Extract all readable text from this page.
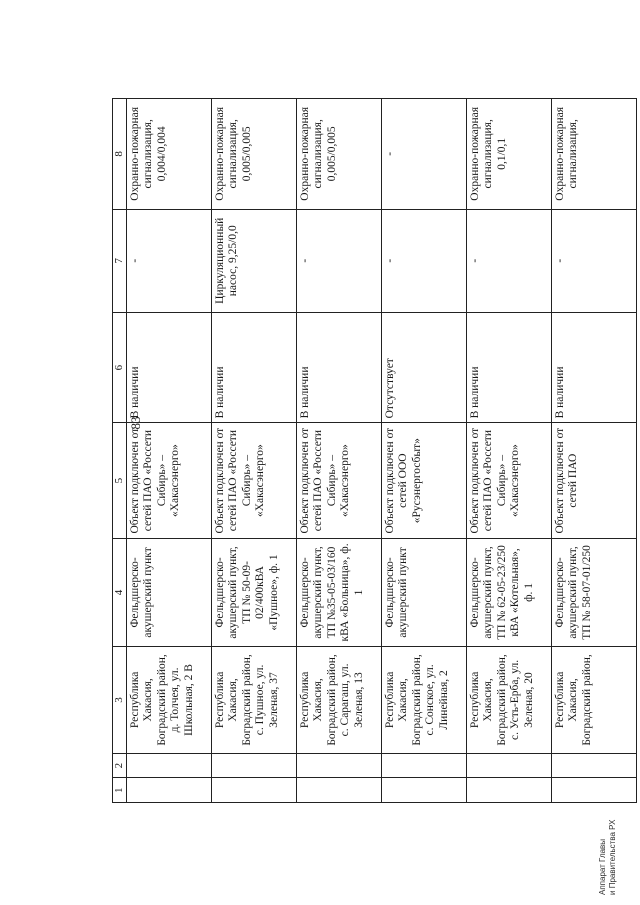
83
1	2	3	4	5	6	7	8
		Республика Хакасия, Боградский район, д. Толчея, ул. Школьная, 2 В	Фельдшерско-акушерский пункт	Объект подключен от сетей ПАО «Россети Сибирь» – «Хакасэнерго»	В наличии	-	Охранно-пожарная сигнализация, 0,004/0,004
		Республика Хакасия, Боградский район, с. Пушное, ул. Зеленая, 37	Фельдшерско-акушерский пункт, ТП № 50-09-02/400кВА «Пушное», ф. 1	Объект подключен от сетей ПАО «Россети Сибирь» – «Хакасэнерго»	В наличии	Циркуляционный насос, 9,25/0,0	Охранно-пожарная сигнализация, 0,005/0,005
		Республика Хакасия, Боградский район, с. Сарагаш, ул. Зеленая, 13	Фельдшерско-акушерский пункт, ТП №35-05-03/160 кВА «Больница», ф. 1	Объект подключен от сетей ПАО «Россети Сибирь» – «Хакасэнерго»	В наличии	-	Охранно-пожарная сигнализация, 0,005/0,005
		Республика Хакасия, Боградский район, с. Сонское, ул. Линейная, 2	Фельдшерско-акушерский пункт	Объект подключен от сетей ООО «Русэнергосбыт»	Отсутствует	-	-
		Республика Хакасия, Боградский район, с. Усть-Ерба, ул. Зеленая, 20	Фельдшерско-акушерский пункт, ТП № 62-05-23/250 кВА «Котельная», ф. 1	Объект подключен от сетей ПАО «Россети Сибирь» – «Хакасэнерго»	В наличии	-	Охранно-пожарная сигнализация, 0,1/0,1
		Республика Хакасия, Боградский район,	Фельдшерско-акушерский пункт, ТП № 58-07-01/250	Объект подключен от сетей ПАО	В наличии	-	Охранно-пожарная сигнализация,
Аппарат Главы и Правительства РХ
